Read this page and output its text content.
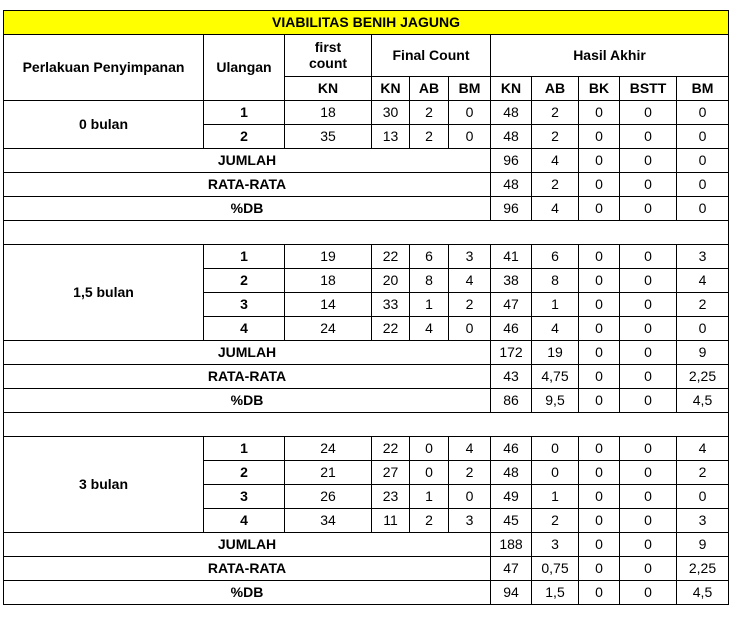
VIABILITAS BENIH JAGUNG										
Perlakuan Penyimpanan	Ulangan	first count	Final Count			Hasil Akhir				
		KN	KN	AB	BM	KN	AB	BK	BSTT	BM
0 bulan	1	18	30	2	0	48	2	0	0	0
	2	35	13	2	0	48	2	0	0	0
JUMLAH						96	4	0	0	0
RATA-RATA						48	2	0	0	0
%DB						96	4	0	0	0

1,5 bulan	1	19	22	6	3	41	6	0	0	3
	2	18	20	8	4	38	8	0	0	4
	3	14	33	1	2	47	1	0	0	2
	4	24	22	4	0	46	4	0	0	0
JUMLAH						172	19	0	0	9
RATA-RATA						43	4,75	0	0	2,25
%DB						86	9,5	0	0	4,5

3 bulan	1	24	22	0	4	46	0	0	0	4
	2	21	27	0	2	48	0	0	0	2
	3	26	23	1	0	49	1	0	0	0
	4	34	11	2	3	45	2	0	0	3
JUMLAH						188	3	0	0	9
RATA-RATA						47	0,75	0	0	2,25
%DB						94	1,5	0	0	4,5
